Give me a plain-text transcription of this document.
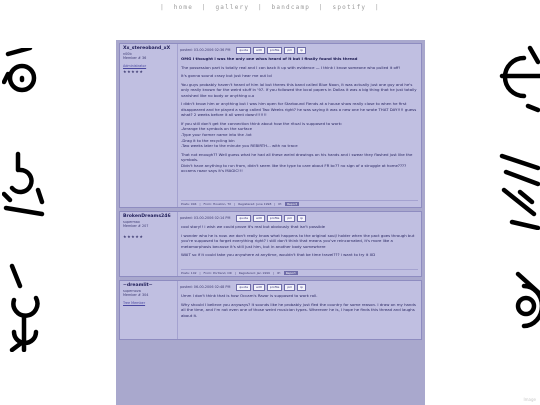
| home | gallery | bandcamp | spotify |
Xx_stereoband_xX
n00b
Member # 36
Administrator
★★★★★
posted: 03-00-2006 02:36 PM	quote	edit	profile	pm	ip

OMG I thought i was the only one whos heard of it but I finally found this thread

The possession part is totally real and I can back it up with evidence — I think i know someone who pulled it off!

It's gonna sound crazy but just hear me out lol

You guys probably haven't heard of him lol but theres this band called Blue Noon, it was actually just one guy and he's only really known for the weird stuff in '97. If you followed the local papers in Dallas it was a big thing that he just totally vanished like no body or anything o.o

I didn't know him or anything but I was him open for Starbound Fiends at a house show really close to when he first disappeared and he played a song called Two Weeks right? he was saying it was a new one he wrote THAT DAY!!!! guess what? 2 weeks before it all went down!!!!!!!

If you still don't get the connection think about how the ritual is supposed to work:
-Arrange the symbols on the surface
-Type your former name into the .txt
-Drag it to the recycling bin
-Two weeks later to the minute you REBIRTH... with no trace

That not enough?? Well guess what he had all these weird drawings on his hands and i swear they flashed just like the symbols.
Didn't have anything to run from, didn't seem like the type to care about FR bc?? no sign of a struggle at home???? occams razor says it's MAGIC!!!

Posts: 994 | From: Houston, TX | Registered: June 1998 | IP:	Report
BrokenDreams246
supermax
Member # 207
★★★★★
posted: 03-00-2006 02:14 PM	quote	edit	profile	pm	ip

cool story!! i wish we could prove it's real but obviously that isn't possible

i wonder who he is now. we don't really know what happens to the original soul/ holder when the pact goes through but you're supposed to forget everything right? i still don't think that means you've reincarnated, it's more like a metamorphosis because it's still just him, but in another body somewhere

WAIT so if it could take you anywhere at anytime, wouldn't that be time travel??? i want to try it XD

Posts: 102 | From: Portland, OR | Registered: Jan 1999 | IP:	Report
~dreamlit~
supernova
Member # 304
Tree Member
posted: 06-00-2006 02:48 PM	quote	edit	profile	pm	ip

Umm I don't think that is how Occam's Razor is supposed to work roll.

Why should I believe you anyways? It sounds like he probably just fled the country for some reason. I draw on my hands all the time, and I'm not even one of those weird musician types. Wherever he is, I hope he finds this thread and laughs about it.

Image
